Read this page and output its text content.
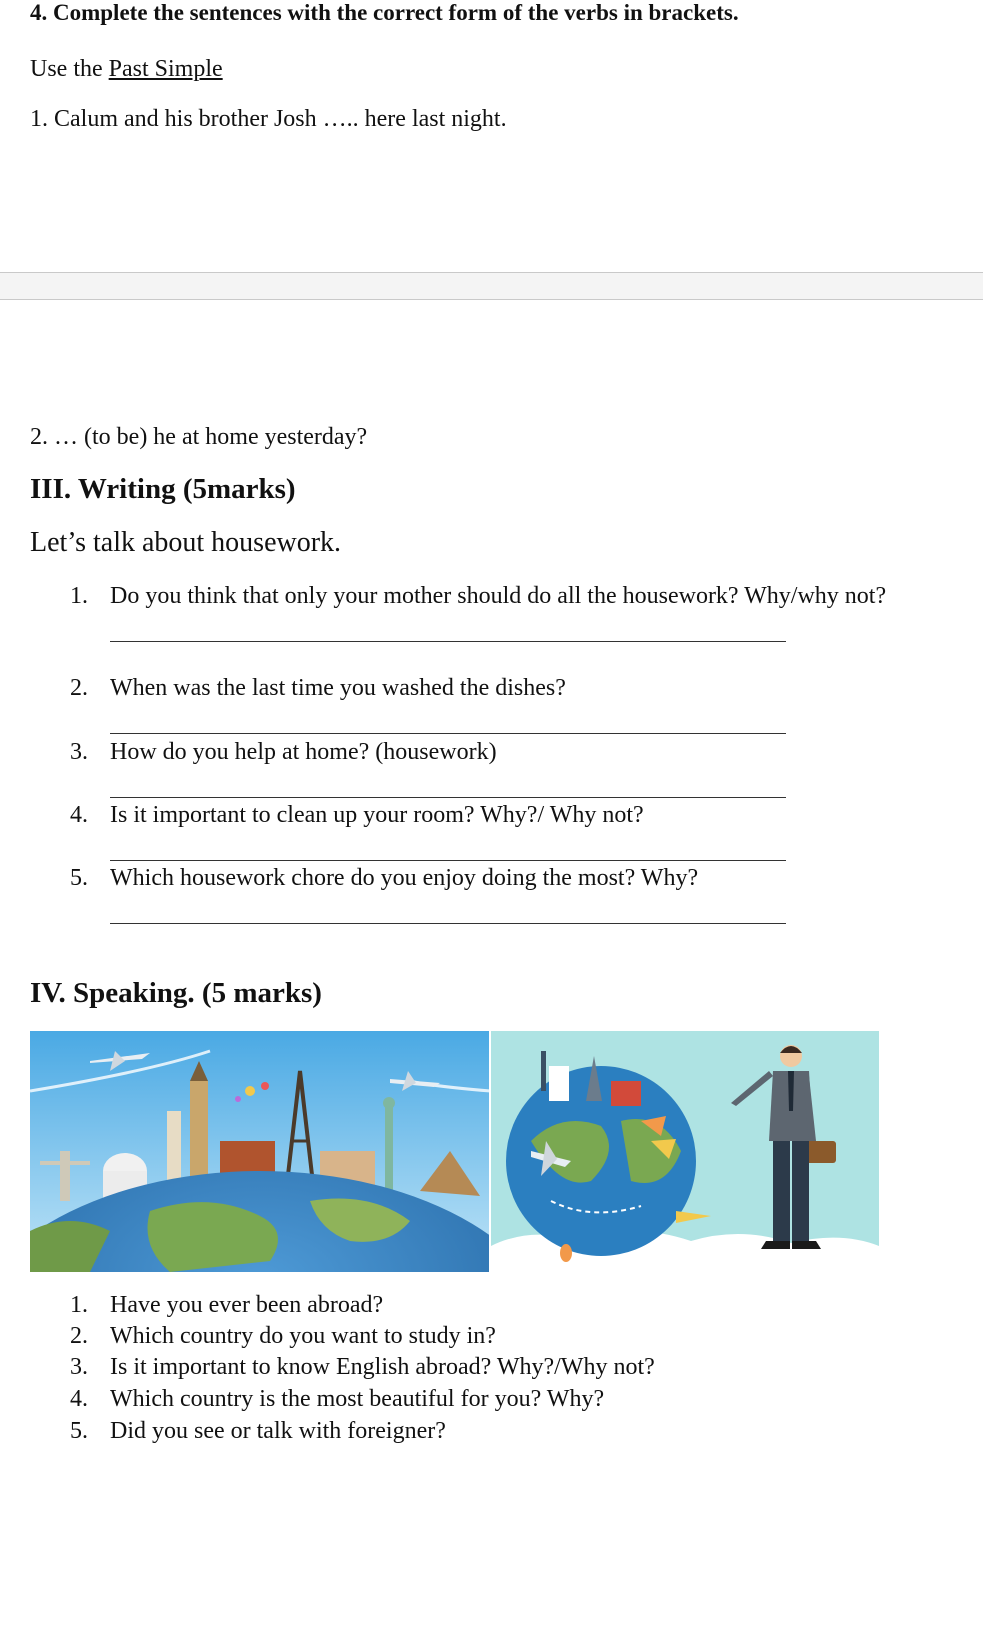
4. Complete the sentences with the correct form of the verbs in brackets.
Use the Past Simple
1. Calum and his brother Josh ….. here last night.
2. … (to be) he at home yesterday?
III. Writing (5marks)
Let’s talk about housework.
1. Do you think that only your mother should do all the housework? Why/why not?
2. When was the last time you washed the dishes?
3. How do you help at home? (housework)
4. Is it important to clean up your room? Why?/ Why not?
5. Which housework chore do you enjoy doing the most? Why?
IV. Speaking. (5 marks)
1. Have you ever been abroad?
2. Which country do you want to study in?
3. Is it important to know English abroad? Why?/Why not?
4. Which country is the most beautiful for you? Why?
5. Did you see or talk with foreigner?
